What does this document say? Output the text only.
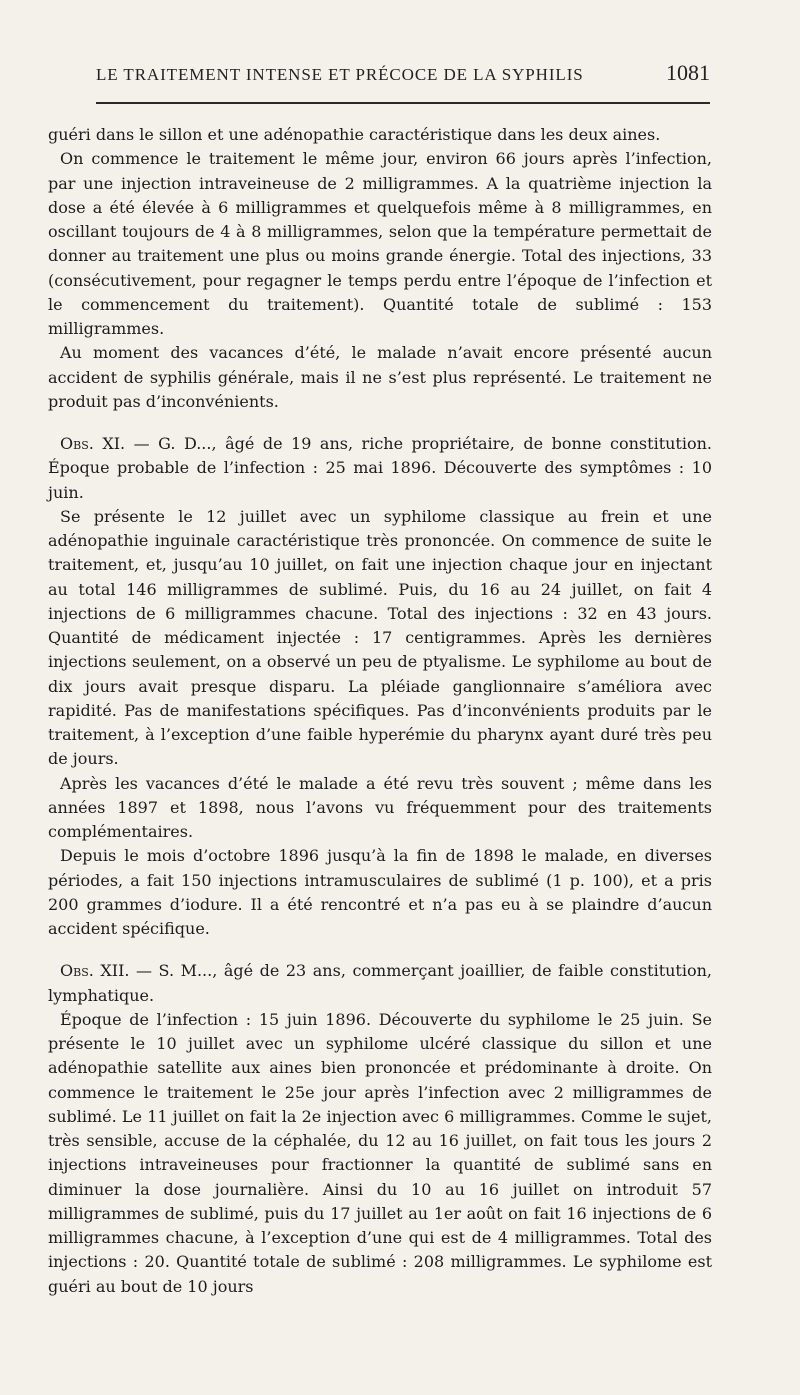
LE TRAITEMENT INTENSE ET PRÉCOCE DE LA SYPHILIS	1081

guéri dans le sillon et une adénopathie caractéristique dans les deux aines.

On commence le traitement le même jour, environ 66 jours après l’infection, par une injection intraveineuse de 2 milligrammes. A la quatrième injection la dose a été élevée à 6 milligrammes et quelquefois même à 8 milligrammes, en oscillant toujours de 4 à 8 milligrammes, selon que la température permettait de donner au traitement une plus ou moins grande énergie. Total des injections, 33 (consécutivement, pour regagner le temps perdu entre l’époque de l’infection et le commencement du traitement). Quantité totale de sublimé : 153 milligrammes.

Au moment des vacances d’été, le malade n’avait encore présenté aucun accident de syphilis générale, mais il ne s’est plus représenté. Le traitement ne produit pas d’inconvénients.

Obs. XI. — G. D..., âgé de 19 ans, riche propriétaire, de bonne constitution. Époque probable de l’infection : 25 mai 1896. Découverte des symptômes : 10 juin.

Se présente le 12 juillet avec un syphilome classique au frein et une adénopathie inguinale caractéristique très prononcée. On commence de suite le traitement, et, jusqu’au 10 juillet, on fait une injection chaque jour en injectant au total 146 milligrammes de sublimé. Puis, du 16 au 24 juillet, on fait 4 injections de 6 milligrammes chacune. Total des injections : 32 en 43 jours. Quantité de médicament injectée : 17 centigrammes. Après les dernières injections seulement, on a observé un peu de ptyalisme. Le syphilome au bout de dix jours avait presque disparu. La pléiade ganglionnaire s’améliora avec rapidité. Pas de manifestations spécifiques. Pas d’inconvénients produits par le traitement, à l’exception d’une faible hyperémie du pharynx ayant duré très peu de jours.

Après les vacances d’été le malade a été revu très souvent ; même dans les années 1897 et 1898, nous l’avons vu fréquemment pour des traitements complémentaires.

Depuis le mois d’octobre 1896 jusqu’à la fin de 1898 le malade, en diverses périodes, a fait 150 injections intramusculaires de sublimé (1 p. 100), et a pris 200 grammes d’iodure. Il a été rencontré et n’a pas eu à se plaindre d’aucun accident spécifique.

Obs. XII. — S. M..., âgé de 23 ans, commerçant joaillier, de faible constitution, lymphatique.

Époque de l’infection : 15 juin 1896. Découverte du syphilome le 25 juin. Se présente le 10 juillet avec un syphilome ulcéré classique du sillon et une adénopathie satellite aux aines bien prononcée et prédominante à droite. On commence le traitement le 25e jour après l’infection avec 2 milligrammes de sublimé. Le 11 juillet on fait la 2e injection avec 6 milligrammes. Comme le sujet, très sensible, accuse de la céphalée, du 12 au 16 juillet, on fait tous les jours 2 injections intraveineuses pour fractionner la quantité de sublimé sans en diminuer la dose journalière. Ainsi du 10 au 16 juillet on introduit 57 milligrammes de sublimé, puis du 17 juillet au 1er août on fait 16 injections de 6 milligrammes chacune, à l’exception d’une qui est de 4 milligrammes. Total des injections : 20. Quantité totale de sublimé : 208 milligrammes. Le syphilome est guéri au bout de 10 jours
